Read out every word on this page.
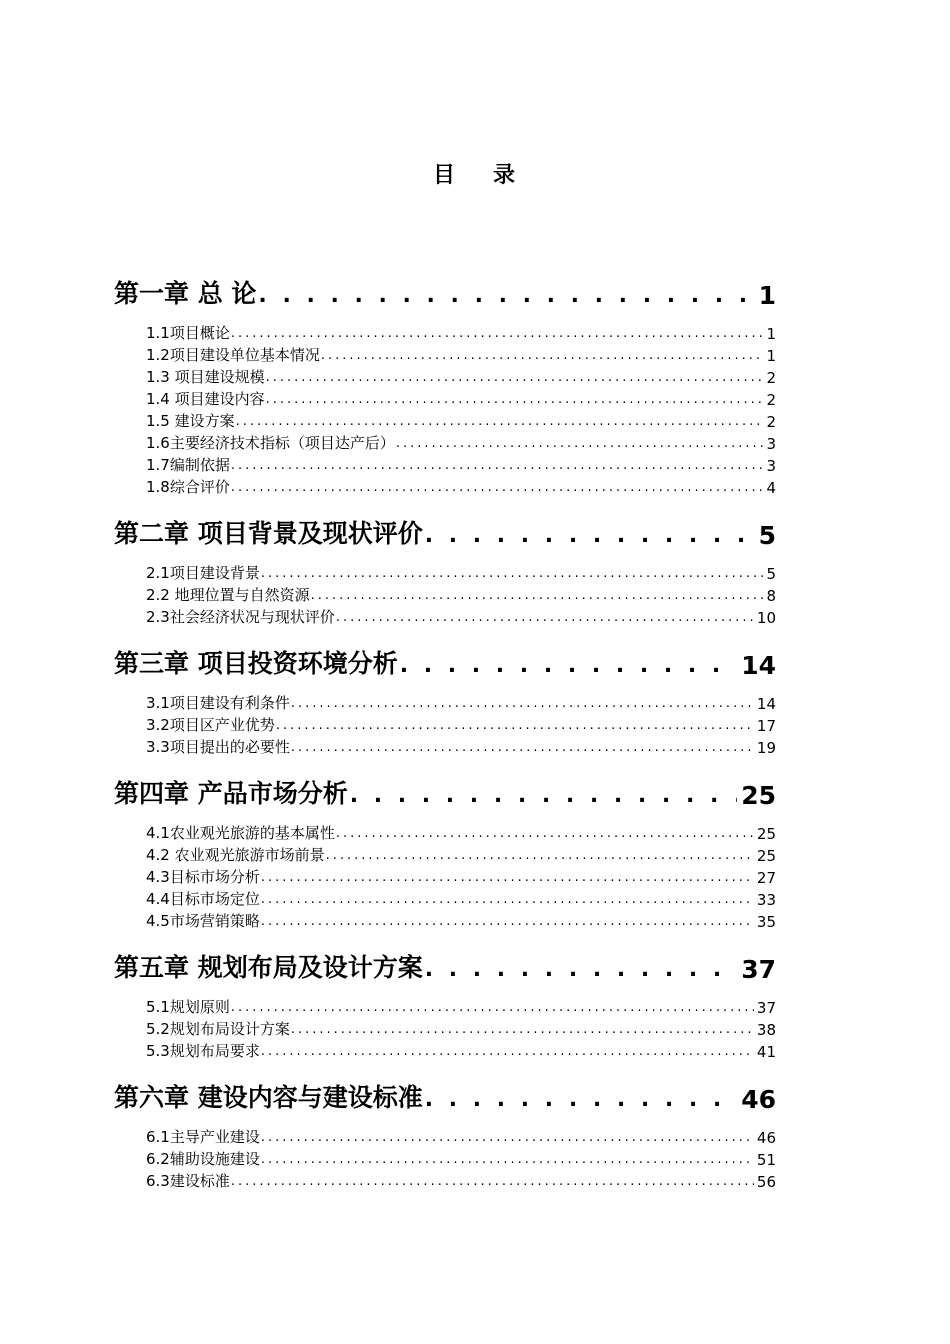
目 录
第一章 总 论 . . .	1
1.1项目概论 .....	1
1.2项目建设单位基本情况 .....	1
1.3 项目建设规模 .....	2
1.4 项目建设内容 .....	2
1.5 建设方案 .....	2
1.6主要经济技术指标（项目达产后） .....	3
1.7编制依据 .....	3
1.8综合评价 .....	4
第二章 项目背景及现状评价 . . .	5
2.1项目建设背景 .....	5
2.2 地理位置与自然资源 .....	8
2.3社会经济状况与现状评价 .....	10
第三章 项目投资环境分析 . . .	14
3.1项目建设有利条件 .....	14
3.2项目区产业优势 .....	17
3.3项目提出的必要性 .....	19
第四章 产品市场分析 . . .	25
4.1农业观光旅游的基本属性 .....	25
4.2 农业观光旅游市场前景 .....	25
4.3目标市场分析 .....	27
4.4目标市场定位 .....	33
4.5市场营销策略 .....	35
第五章 规划布局及设计方案 . . .	37
5.1规划原则 .....	37
5.2规划布局设计方案 .....	38
5.3规划布局要求 .....	41
第六章 建设内容与建设标准 . . .	46
6.1主导产业建设 .....	46
6.2辅助设施建设 .....	51
6.3建设标准 .....	56
